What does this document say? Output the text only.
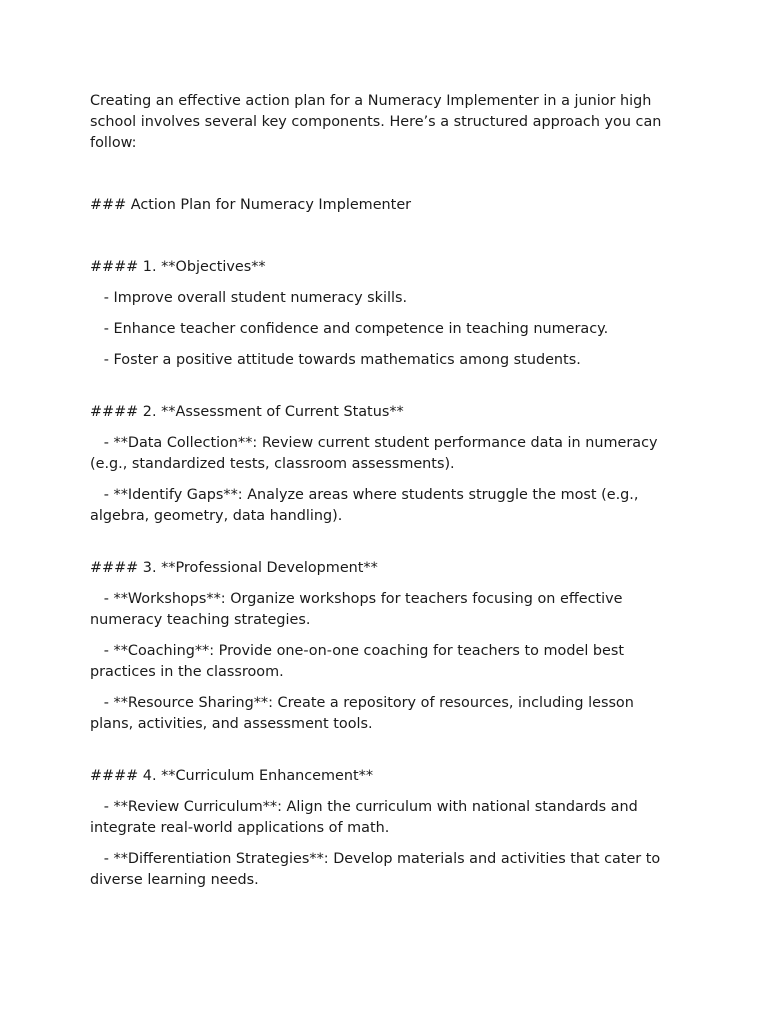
Creating an effective action plan for a Numeracy Implementer in a junior high school involves several key components. Here’s a structured approach you can follow:

### Action Plan for Numeracy Implementer

#### 1. **Objectives**

- Improve overall student numeracy skills.

- Enhance teacher confidence and competence in teaching numeracy.

- Foster a positive attitude towards mathematics among students.

#### 2. **Assessment of Current Status**

- **Data Collection**: Review current student performance data in numeracy (e.g., standardized tests, classroom assessments).

- **Identify Gaps**: Analyze areas where students struggle the most (e.g., algebra, geometry, data handling).

#### 3. **Professional Development**

- **Workshops**: Organize workshops for teachers focusing on effective numeracy teaching strategies.

- **Coaching**: Provide one-on-one coaching for teachers to model best practices in the classroom.

- **Resource Sharing**: Create a repository of resources, including lesson plans, activities, and assessment tools.

#### 4. **Curriculum Enhancement**

- **Review Curriculum**: Align the curriculum with national standards and integrate real-world applications of math.

- **Differentiation Strategies**: Develop materials and activities that cater to diverse learning needs.
